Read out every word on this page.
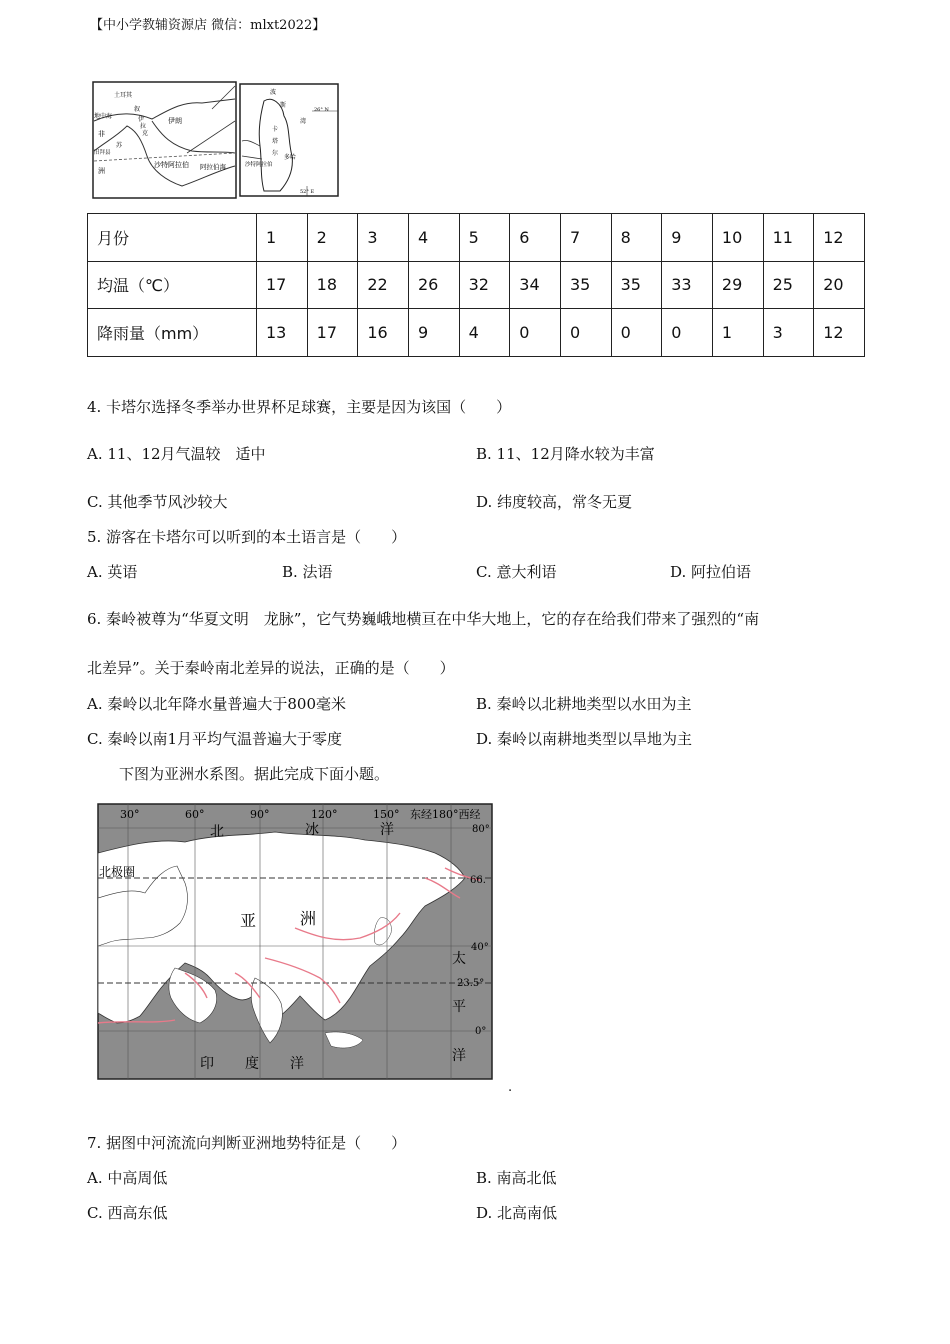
【中小学教辅资源店 微信：mlxt2022】
土耳其
伊朗
地中海
叙
伊
拉
克
非
旧拜县
苏
洲
沙特阿拉伯 阿拉伯海
波
斯
湾
卡
塔
尔
多哈
沙特阿拉伯
26° N
52° E
月份	1	2	3	4	5	6	7	8	9	10	11	12
均温（℃）	17	18	22	26	32	34	35	35	33	29	25	20
降雨量（mm）	13	17	16	9	4	0	0	0	0	1	3	12
4. 卡塔尔选择冬季举办世界杯足球赛，主要是因为该国（　　）
A. 11、12月气温较　适中	B. 11、12月降水较为丰富
C. 其他季节风沙较大	D. 纬度较高，常冬无夏
5. 游客在卡塔尔可以听到的本土语言是（　　）
A. 英语	B. 法语	C. 意大利语	D. 阿拉伯语
6. 秦岭被尊为“华夏文明　龙脉”，它气势巍峨地横亘在中华大地上，它的存在给我们带来了强烈的“南
北差异”。关于秦岭南北差异的说法，正确的是（　　）
A. 秦岭以北年降水量普遍大于800毫米	B. 秦岭以北耕地类型以水田为主
C. 秦岭以南1月平均气温普遍大于零度	D. 秦岭以南耕地类型以旱地为主
下图为亚洲水系图。据此完成下面小题。
30°	60°	90°	120°	150° 东经180°西经
80°
66.
40°
23.5°
0°
北	冰	洋
北极圈
亚	洲
太
平
洋
印 度 洋
.
7. 据图中河流流向判断亚洲地势特征是（　　）
A. 中高周低	B. 南高北低
C. 西高东低	D. 北高南低
